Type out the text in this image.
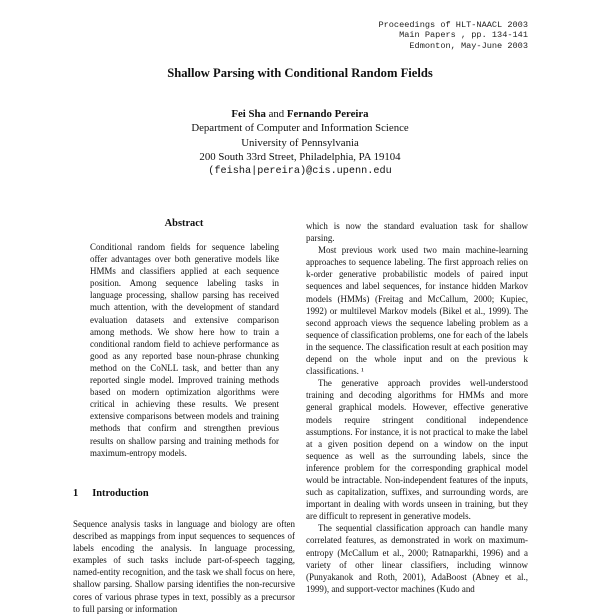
Proceedings of HLT-NAACL 2003
Main Papers , pp. 134-141
Edmonton, May-June 2003
Shallow Parsing with Conditional Random Fields
Fei Sha and Fernando Pereira
Department of Computer and Information Science
University of Pennsylvania
200 South 33rd Street, Philadelphia, PA 19104
(feisha|pereira)@cis.upenn.edu
Abstract

Conditional random fields for sequence labeling offer advantages over both generative models like HMMs and classifiers applied at each sequence position. Among sequence labeling tasks in language processing, shallow parsing has received much attention, with the development of standard evaluation datasets and extensive comparison among methods. We show here how to train a conditional random field to achieve performance as good as any reported base noun-phrase chunking method on the CoNLL task, and better than any reported single model. Improved training methods based on modern optimization algorithms were critical in achieving these results. We present extensive comparisons between models and training methods that confirm and strengthen previous results on shallow parsing and training methods for maximum-entropy models.

1 Introduction

Sequence analysis tasks in language and biology are often described as mappings from input sequences to sequences of labels encoding the analysis. In language processing, examples of such tasks include part-of-speech tagging, named-entity recognition, and the task we shall focus on here, shallow parsing. Shallow parsing identifies the non-recursive cores of various phrase types in text, possibly as a precursor to full parsing or information

which is now the standard evaluation task for shallow parsing.

Most previous work used two main machine-learning approaches to sequence labeling. The first approach relies on k-order generative probabilistic models of paired input sequences and label sequences, for instance hidden Markov models (HMMs) (Freitag and McCallum, 2000; Kupiec, 1992) or multilevel Markov models (Bikel et al., 1999). The second approach views the sequence labeling problem as a sequence of classification problems, one for each of the labels in the sequence. The classification result at each position may depend on the whole input and on the previous k classifications. ¹

The generative approach provides well-understood training and decoding algorithms for HMMs and more general graphical models. However, effective generative models require stringent conditional independence assumptions. For instance, it is not practical to make the label at a given position depend on a window on the input sequence as well as the surrounding labels, since the inference problem for the corresponding graphical model would be intractable. Non-independent features of the inputs, such as capitalization, suffixes, and surrounding words, are important in dealing with words unseen in training, but they are difficult to represent in generative models.

The sequential classification approach can handle many correlated features, as demonstrated in work on maximum-entropy (McCallum et al., 2000; Ratnaparkhi, 1996) and a variety of other linear classifiers, including winnow (Punyakanok and Roth, 2001), AdaBoost (Abney et al., 1999), and support-vector machines (Kudo and
